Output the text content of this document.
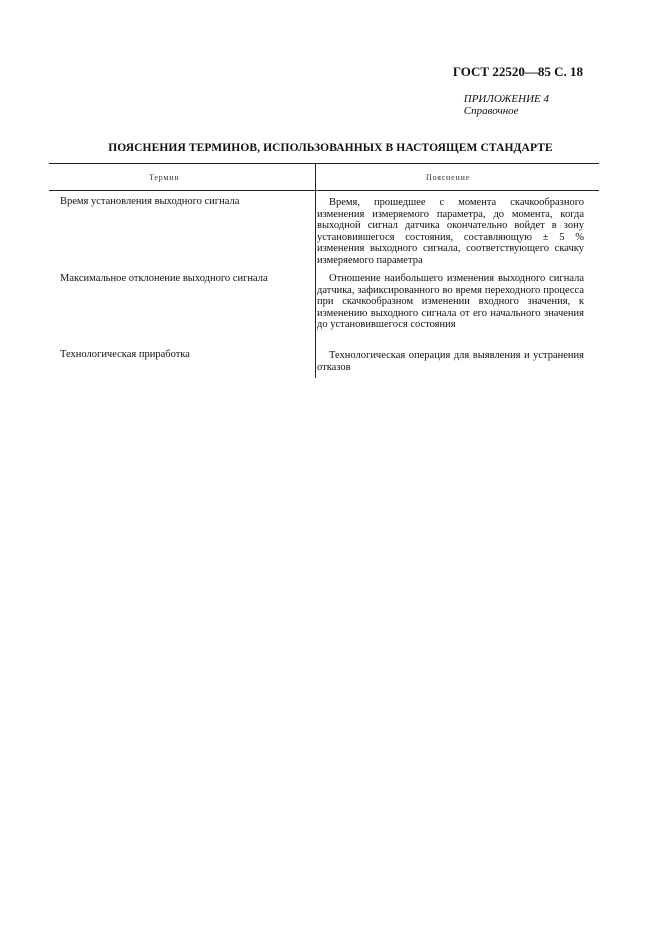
ГОСТ 22520—85 С. 18
ПРИЛОЖЕНИЕ 4
Справочное
ПОЯСНЕНИЯ ТЕРМИНОВ, ИСПОЛЬЗОВАННЫХ В НАСТОЯЩЕМ СТАНДАРТЕ
Термин	Пояснение
Время установления выходного сигнала	Время, прошедшее с момента скачкообразного изменения измеряемого параметра, до момента, когда выходной сигнал датчика окончательно войдет в зону установившегося состояния, составляющую ± 5 % изменения выходного сигнала, соответствующего скачку измеряемого параметра
Максимальное отклонение выходного сигнала	Отношение наибольшего изменения выходного сигнала датчика, зафиксированного во время переходного процесса при скачкообразном изменении входного значения, к изменению выходного сигнала от его начального значения до установившегося состояния
Технологическая приработка	Технологическая операция для выявления и устранения отказов
